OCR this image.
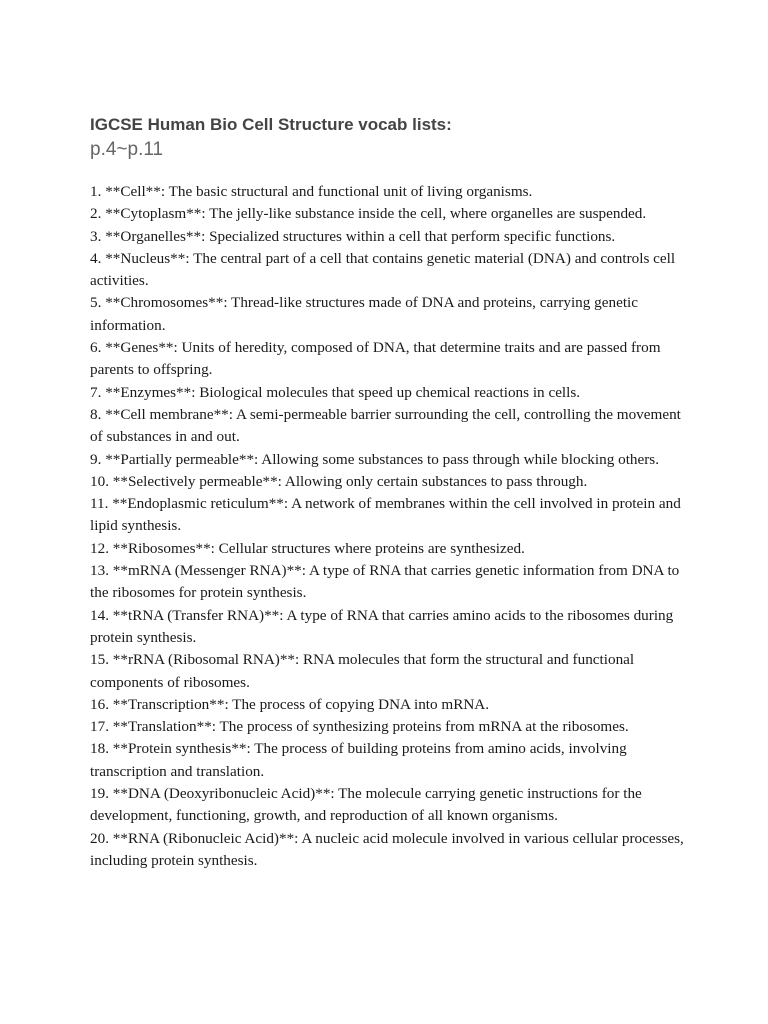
IGCSE Human Bio Cell Structure vocab lists:
p.4~p.11
1. **Cell**: The basic structural and functional unit of living organisms.
2. **Cytoplasm**: The jelly-like substance inside the cell, where organelles are suspended.
3. **Organelles**: Specialized structures within a cell that perform specific functions.
4. **Nucleus**: The central part of a cell that contains genetic material (DNA) and controls cell activities.
5. **Chromosomes**: Thread-like structures made of DNA and proteins, carrying genetic information.
6. **Genes**: Units of heredity, composed of DNA, that determine traits and are passed from parents to offspring.
7. **Enzymes**: Biological molecules that speed up chemical reactions in cells.
8. **Cell membrane**: A semi-permeable barrier surrounding the cell, controlling the movement of substances in and out.
9. **Partially permeable**: Allowing some substances to pass through while blocking others.
10. **Selectively permeable**: Allowing only certain substances to pass through.
11. **Endoplasmic reticulum**: A network of membranes within the cell involved in protein and lipid synthesis.
12. **Ribosomes**: Cellular structures where proteins are synthesized.
13. **mRNA (Messenger RNA)**: A type of RNA that carries genetic information from DNA to the ribosomes for protein synthesis.
14. **tRNA (Transfer RNA)**: A type of RNA that carries amino acids to the ribosomes during protein synthesis.
15. **rRNA (Ribosomal RNA)**: RNA molecules that form the structural and functional components of ribosomes.
16. **Transcription**: The process of copying DNA into mRNA.
17. **Translation**: The process of synthesizing proteins from mRNA at the ribosomes.
18. **Protein synthesis**: The process of building proteins from amino acids, involving transcription and translation.
19. **DNA (Deoxyribonucleic Acid)**: The molecule carrying genetic instructions for the development, functioning, growth, and reproduction of all known organisms.
20. **RNA (Ribonucleic Acid)**: A nucleic acid molecule involved in various cellular processes, including protein synthesis.
